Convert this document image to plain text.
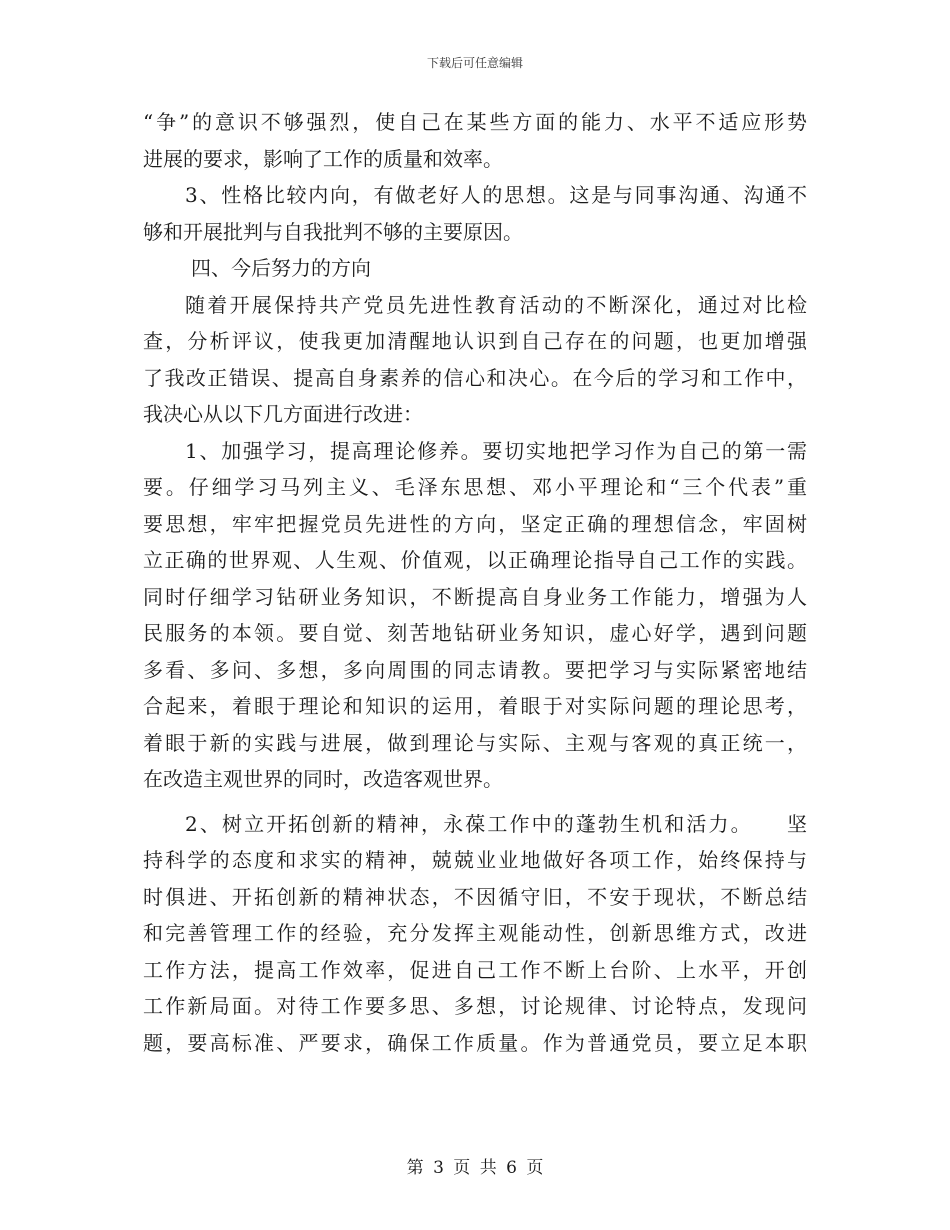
下载后可任意编辑
“争”的意识不够强烈，使自己在某些方面的能力、水平不适应形势
进展的要求，影响了工作的质量和效率。
3、性格比较内向，有做老好人的思想。这是与同事沟通、沟通不
够和开展批判与自我批判不够的主要原因。
四、今后努力的方向
随着开展保持共产党员先进性教育活动的不断深化，通过对比检
查，分析评议，使我更加清醒地认识到自己存在的问题，也更加增强
了我改正错误、提高自身素养的信心和决心。在今后的学习和工作中，
我决心从以下几方面进行改进：
1、加强学习，提高理论修养。要切实地把学习作为自己的第一需
要。仔细学习马列主义、毛泽东思想、邓小平理论和“三个代表”重
要思想，牢牢把握党员先进性的方向，坚定正确的理想信念，牢固树
立正确的世界观、人生观、价值观，以正确理论指导自己工作的实践。
同时仔细学习钻研业务知识，不断提高自身业务工作能力，增强为人
民服务的本领。要自觉、刻苦地钻研业务知识，虚心好学，遇到问题
多看、多问、多想，多向周围的同志请教。要把学习与实际紧密地结
合起来，着眼于理论和知识的运用，着眼于对实际问题的理论思考，
着眼于新的实践与进展，做到理论与实际、主观与客观的真正统一，
在改造主观世界的同时，改造客观世界。
2、树立开拓创新的精神，永葆工作中的蓬勃生机和活力。　　坚
持科学的态度和求实的精神，兢兢业业地做好各项工作，始终保持与
时俱进、开拓创新的精神状态，不因循守旧，不安于现状，不断总结
和完善管理工作的经验，充分发挥主观能动性，创新思维方式，改进
工作方法，提高工作效率，促进自己工作不断上台阶、上水平，开创
工作新局面。对待工作要多思、多想，讨论规律、讨论特点，发现问
题，要高标准、严要求，确保工作质量。作为普通党员，要立足本职
第 3 页 共 6 页
